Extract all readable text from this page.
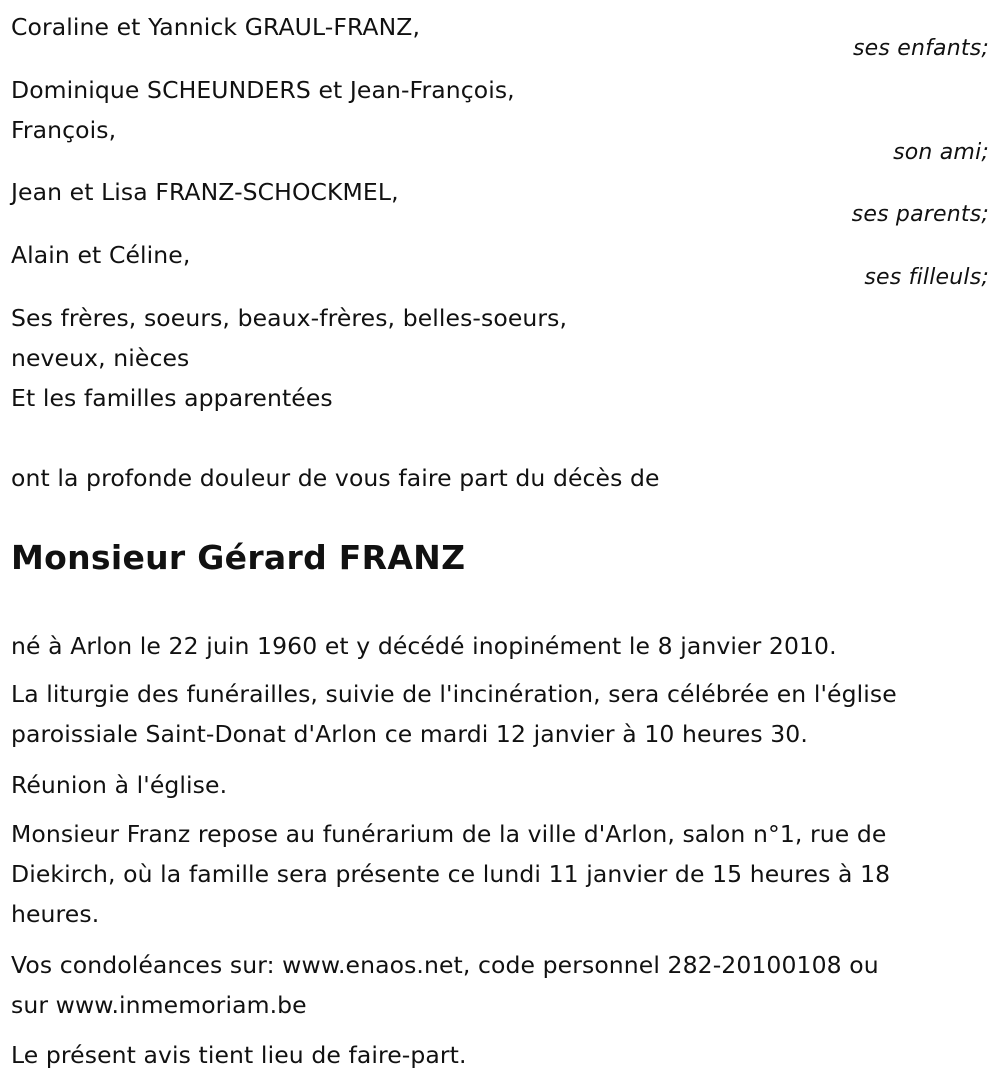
Coraline et Yannick GRAUL-FRANZ,
ses enfants;
Dominique SCHEUNDERS et Jean-François,
François,
son ami;
Jean et Lisa FRANZ-SCHOCKMEL,
ses parents;
Alain et Céline,
ses filleuls;
Ses frères, soeurs, beaux-frères, belles-soeurs,
neveux, nièces
Et les familles apparentées
ont la profonde douleur de vous faire part du décès de
Monsieur Gérard FRANZ
né à Arlon le 22 juin 1960 et y décédé inopinément le 8 janvier 2010.
La liturgie des funérailles, suivie de l'incinération, sera célébrée en l'église
paroissiale Saint-Donat d'Arlon ce mardi 12 janvier à 10 heures 30.
Réunion à l'église.
Monsieur Franz repose au funérarium de la ville d'Arlon, salon n°1, rue de
Diekirch, où la famille sera présente ce lundi 11 janvier de 15 heures à 18
heures.
Vos condoléances sur: www.enaos.net, code personnel 282-20100108 ou
sur www.inmemoriam.be
Le présent avis tient lieu de faire-part.
